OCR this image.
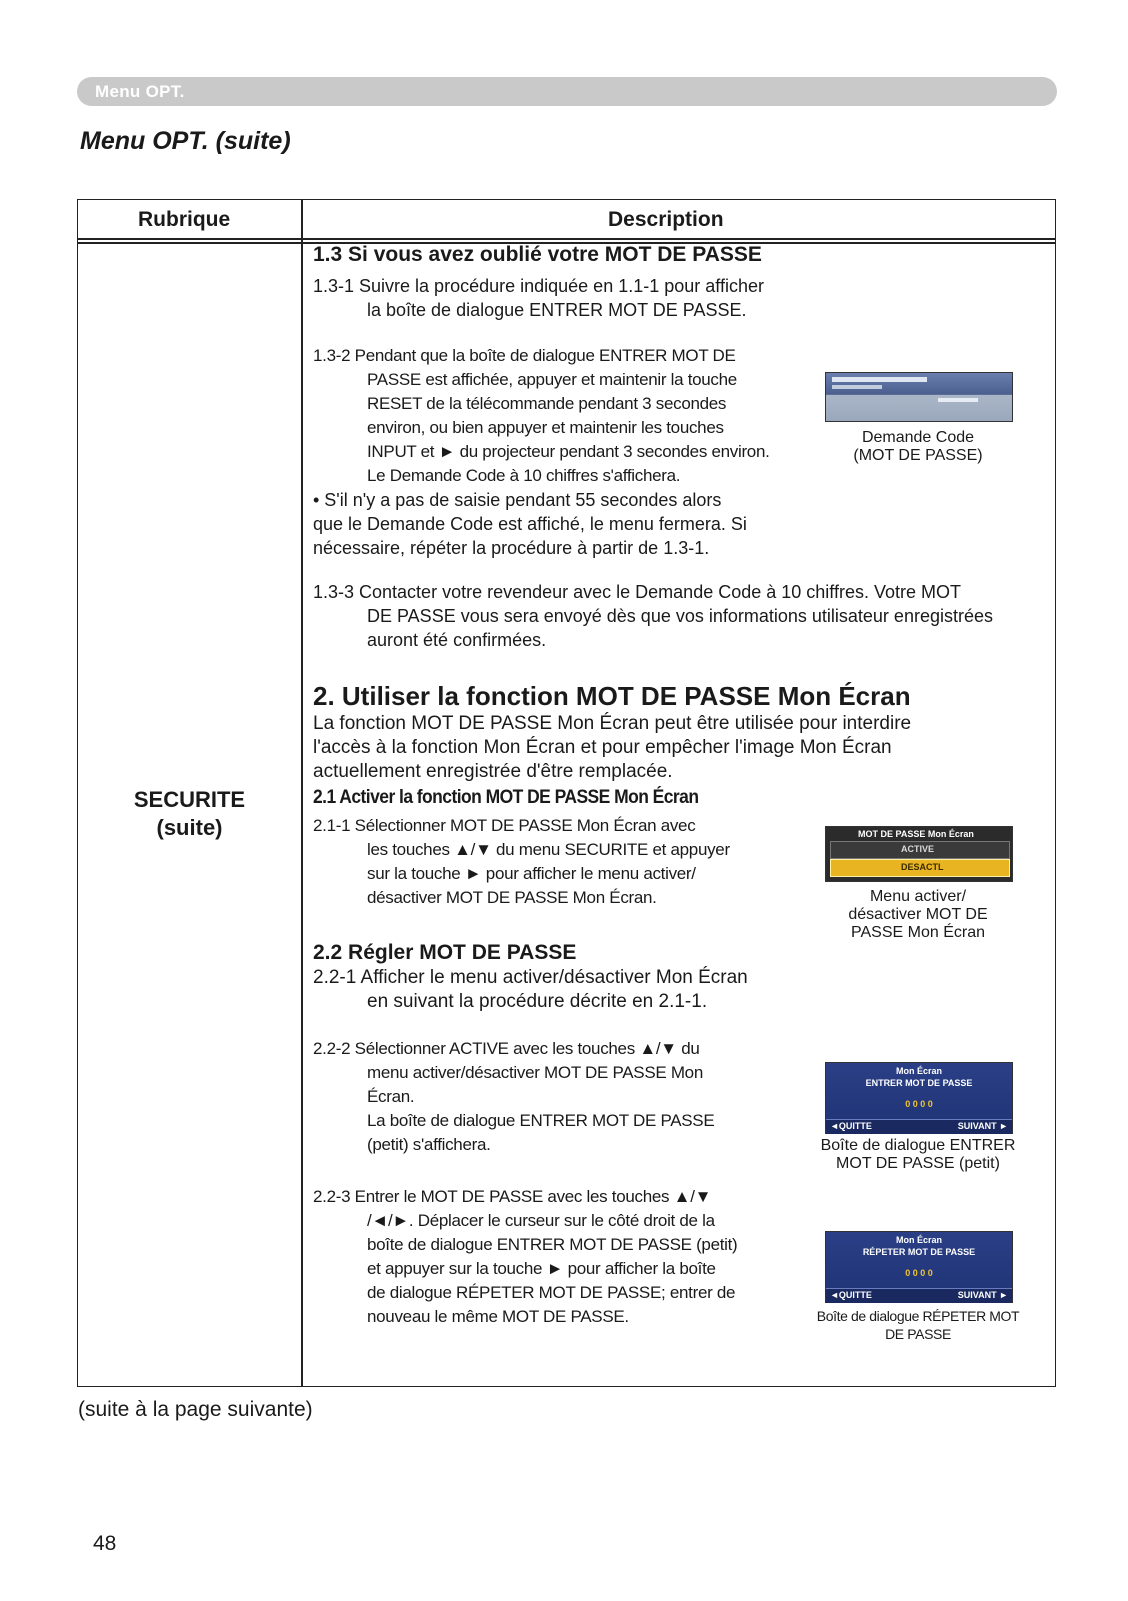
Menu OPT.
Menu OPT. (suite)
Rubrique	Description
SECURITE
(suite)
1.3 Si vous avez oublié votre MOT DE PASSE
1.3-1 Suivre la procédure indiquée en 1.1-1 pour afficher
la boîte de dialogue ENTRER MOT DE PASSE.
1.3-2 Pendant que la boîte de dialogue ENTRER MOT DE
PASSE est affichée, appuyer et maintenir la touche
RESET de la télécommande pendant 3 secondes
environ, ou bien appuyer et maintenir les touches
INPUT et ► du projecteur pendant 3 secondes environ.
Le Demande Code à 10 chiffres s'affichera.
• S'il n'y a pas de saisie pendant 55 secondes alors
que le Demande Code est affiché, le menu fermera. Si
nécessaire, répéter la procédure à partir de 1.3-1.
1.3-3 Contacter votre revendeur avec le Demande Code à 10 chiffres. Votre MOT
DE PASSE vous sera envoyé dès que vos informations utilisateur enregistrées
auront été confirmées.
Demande Code
(MOT DE PASSE)
2. Utiliser la fonction MOT DE PASSE Mon Écran
La fonction MOT DE PASSE Mon Écran peut être utilisée pour interdire
l'accès à la fonction Mon Écran et pour empêcher l'image Mon Écran
actuellement enregistrée d'être remplacée.
2.1 Activer la fonction MOT DE PASSE Mon Écran
2.1-1 Sélectionner MOT DE PASSE Mon Écran avec
les touches ▲/▼ du menu SECURITE et appuyer
sur la touche ► pour afficher le menu activer/
désactiver MOT DE PASSE Mon Écran.
MOT DE PASSE Mon Écran
ACTIVE
DESACTL
Menu activer/
désactiver MOT DE
PASSE Mon Écran
2.2 Régler MOT DE PASSE
2.2-1 Afficher le menu activer/désactiver Mon Écran
en suivant la procédure décrite en 2.1-1.
2.2-2 Sélectionner ACTIVE avec les touches ▲/▼ du
menu activer/désactiver MOT DE PASSE Mon
Écran.
La boîte de dialogue ENTRER MOT DE PASSE
(petit) s'affichera.
Mon Écran
ENTRER MOT DE PASSE
0 0 0 0
◄QUITTE	SUIVANT ►
Boîte de dialogue ENTRER
MOT DE PASSE (petit)
2.2-3 Entrer le MOT DE PASSE avec les touches ▲/▼
/◄/►. Déplacer le curseur sur le côté droit de la
boîte de dialogue ENTRER MOT DE PASSE (petit)
et appuyer sur la touche ► pour afficher la boîte
de dialogue RÉPETER MOT DE PASSE; entrer de
nouveau le même MOT DE PASSE.
Mon Écran
RÉPETER MOT DE PASSE
0 0 0 0
◄QUITTE	SUIVANT ►
Boîte de dialogue RÉPETER MOT
DE PASSE
(suite à la page suivante)
48
